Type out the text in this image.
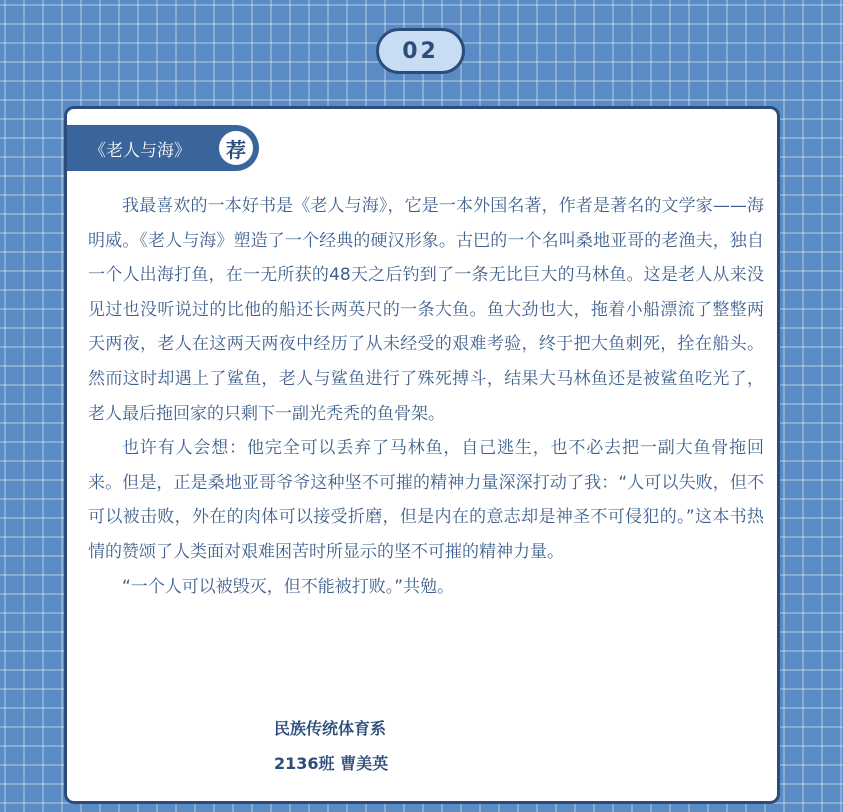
02
《老人与海》	荐

我最喜欢的一本好书是《老人与海》，它是一本外国名著，作者是著名的文学家——海明威。《老人与海》塑造了一个经典的硬汉形象。古巴的一个名叫桑地亚哥的老渔夫，独自一个人出海打鱼，在一无所获的48天之后钓到了一条无比巨大的马林鱼。这是老人从来没见过也没听说过的比他的船还长两英尺的一条大鱼。鱼大劲也大，拖着小船漂流了整整两天两夜，老人在这两天两夜中经历了从未经受的艰难考验，终于把大鱼刺死，拴在船头。然而这时却遇上了鲨鱼，老人与鲨鱼进行了殊死搏斗，结果大马林鱼还是被鲨鱼吃光了，老人最后拖回家的只剩下一副光秃秃的鱼骨架。

也许有人会想：他完全可以丢弃了马林鱼，自己逃生，也不必去把一副大鱼骨拖回来。但是，正是桑地亚哥爷爷这种坚不可摧的精神力量深深打动了我：“人可以失败，但不可以被击败，外在的肉体可以接受折磨，但是内在的意志却是神圣不可侵犯的。”这本书热情的赞颂了人类面对艰难困苦时所显示的坚不可摧的精神力量。

“一个人可以被毁灭，但不能被打败。”共勉。

民族传统体育系
2136班 曹美英
